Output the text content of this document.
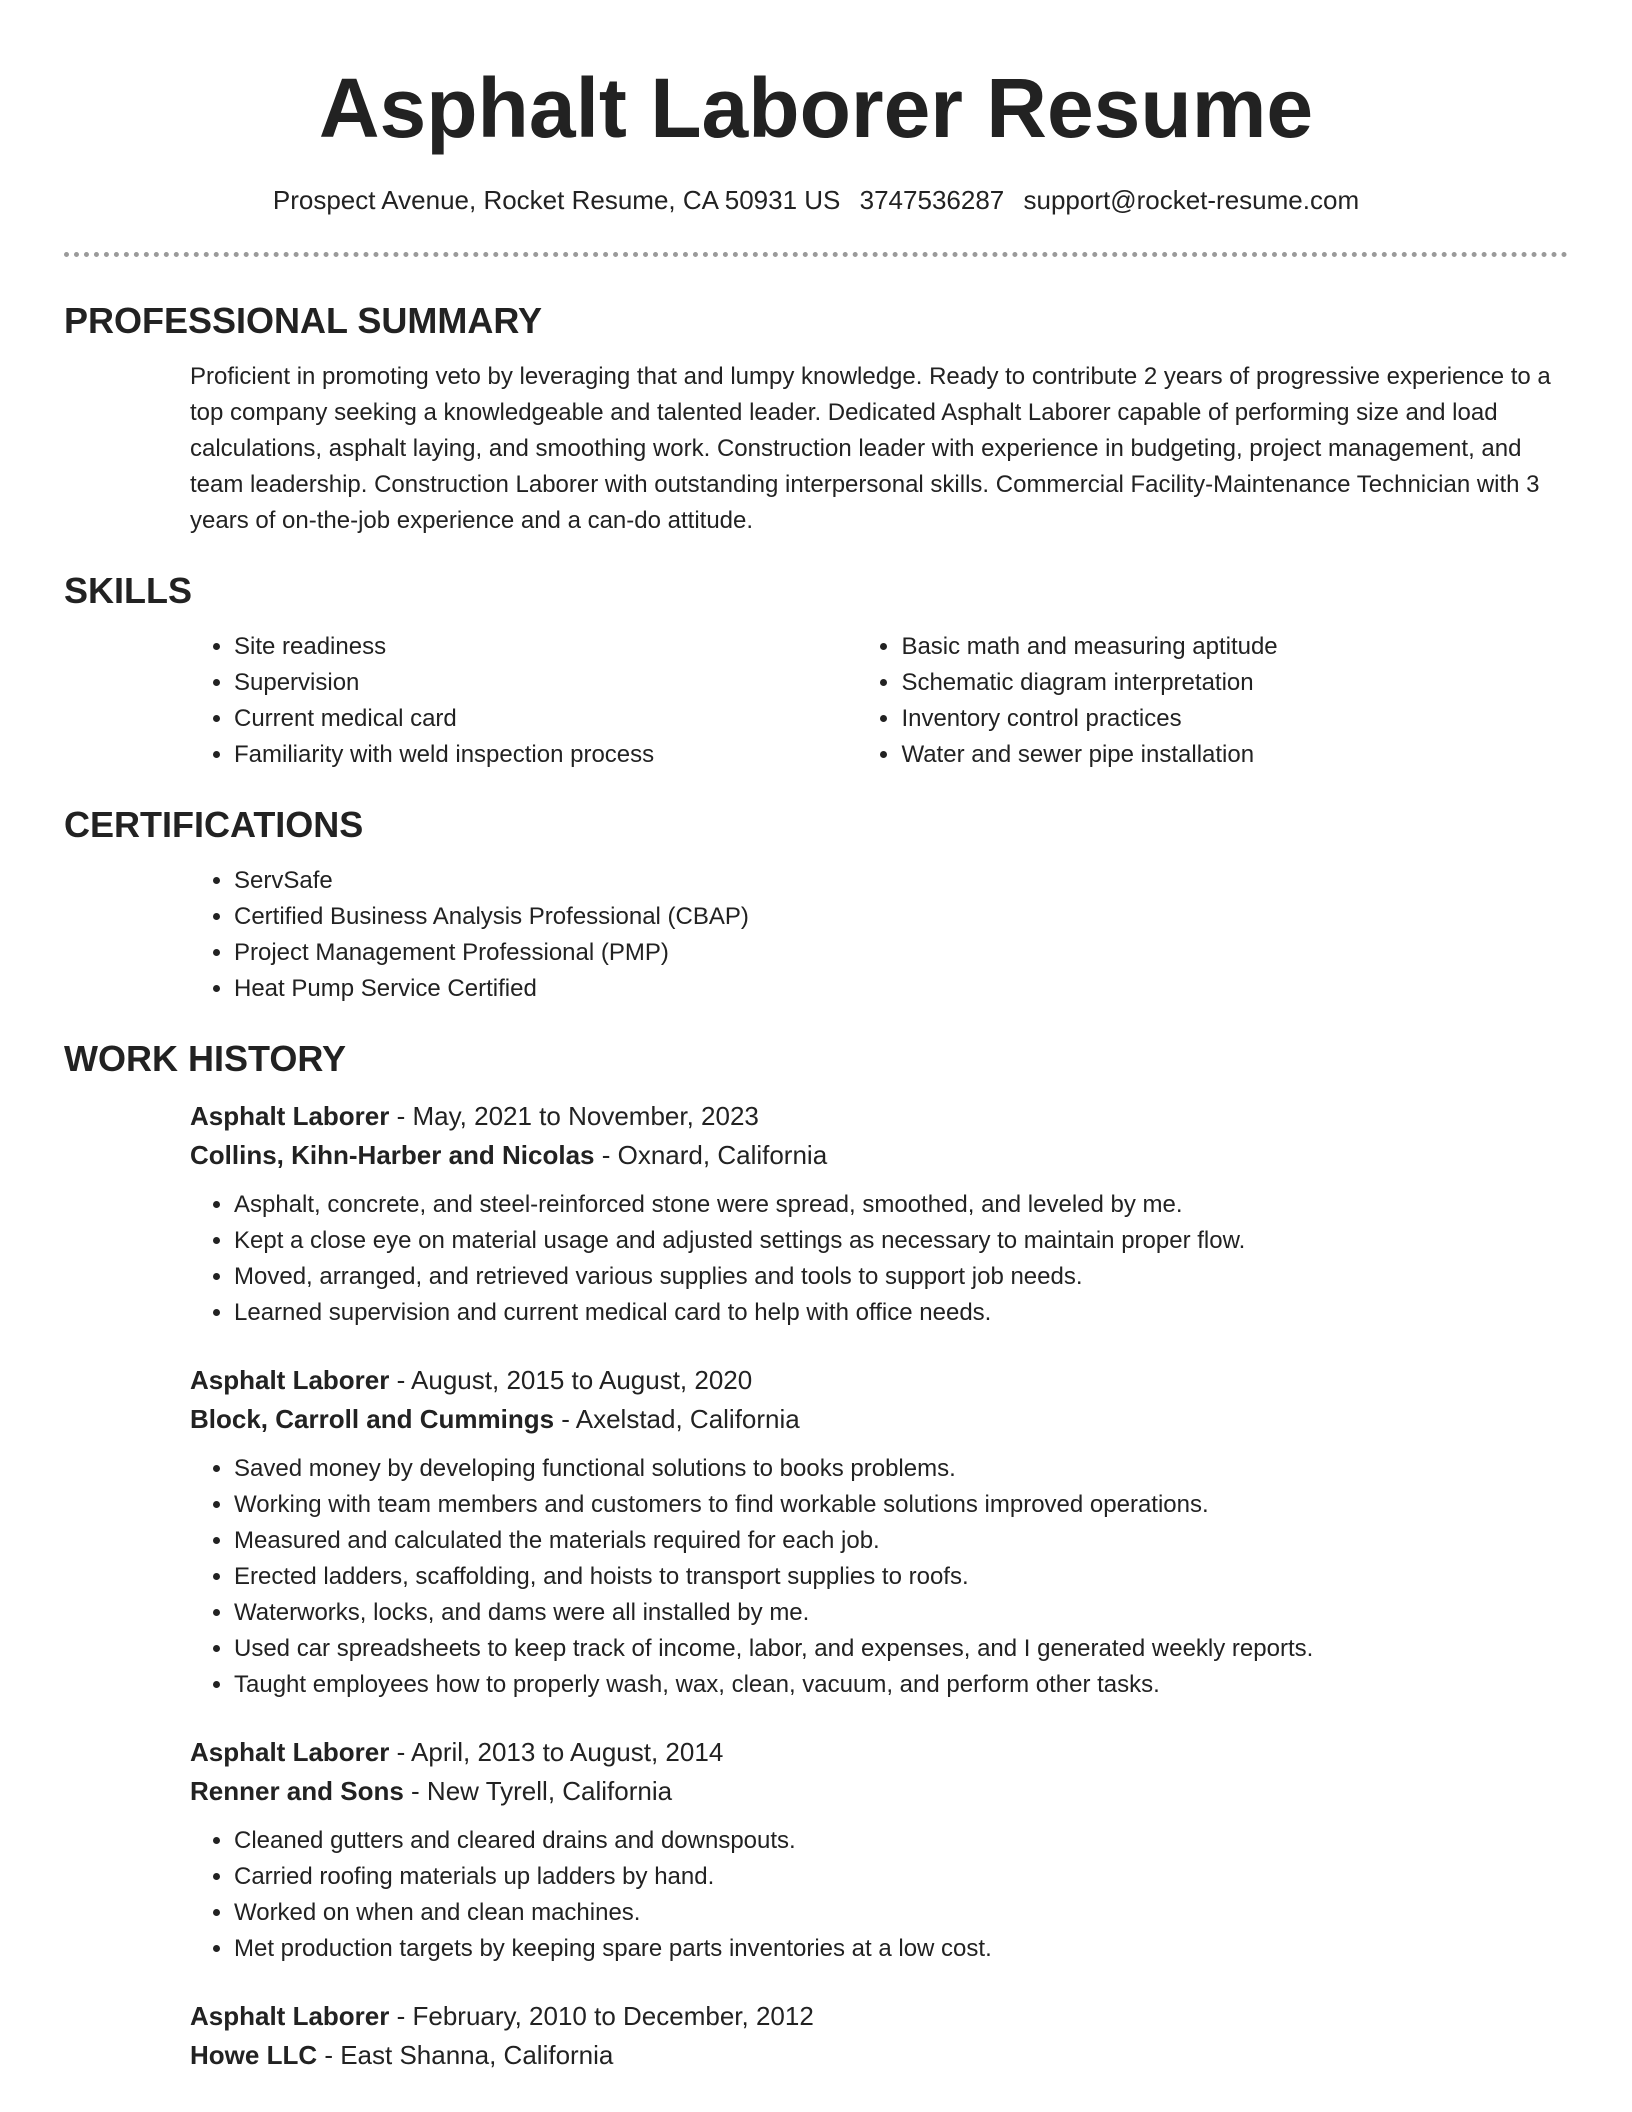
Asphalt Laborer Resume
Prospect Avenue, Rocket Resume, CA 50931 US 3747536287 support@rocket-resume.com
PROFESSIONAL SUMMARY
Proficient in promoting veto by leveraging that and lumpy knowledge. Ready to contribute 2 years of progressive experience to a top company seeking a knowledgeable and talented leader. Dedicated Asphalt Laborer capable of performing size and load calculations, asphalt laying, and smoothing work. Construction leader with experience in budgeting, project management, and team leadership. Construction Laborer with outstanding interpersonal skills. Commercial Facility-Maintenance Technician with 3 years of on-the-job experience and a can-do attitude.
SKILLS
• Site readiness
• Supervision
• Current medical card
• Familiarity with weld inspection process
• Basic math and measuring aptitude
• Schematic diagram interpretation
• Inventory control practices
• Water and sewer pipe installation
CERTIFICATIONS
• ServSafe
• Certified Business Analysis Professional (CBAP)
• Project Management Professional (PMP)
• Heat Pump Service Certified
WORK HISTORY
Asphalt Laborer - May, 2021 to November, 2023
Collins, Kihn-Harber and Nicolas - Oxnard, California
• Asphalt, concrete, and steel-reinforced stone were spread, smoothed, and leveled by me.
• Kept a close eye on material usage and adjusted settings as necessary to maintain proper flow.
• Moved, arranged, and retrieved various supplies and tools to support job needs.
• Learned supervision and current medical card to help with office needs.
Asphalt Laborer - August, 2015 to August, 2020
Block, Carroll and Cummings - Axelstad, California
• Saved money by developing functional solutions to books problems.
• Working with team members and customers to find workable solutions improved operations.
• Measured and calculated the materials required for each job.
• Erected ladders, scaffolding, and hoists to transport supplies to roofs.
• Waterworks, locks, and dams were all installed by me.
• Used car spreadsheets to keep track of income, labor, and expenses, and I generated weekly reports.
• Taught employees how to properly wash, wax, clean, vacuum, and perform other tasks.
Asphalt Laborer - April, 2013 to August, 2014
Renner and Sons - New Tyrell, California
• Cleaned gutters and cleared drains and downspouts.
• Carried roofing materials up ladders by hand.
• Worked on when and clean machines.
• Met production targets by keeping spare parts inventories at a low cost.
Asphalt Laborer - February, 2010 to December, 2012
Howe LLC - East Shanna, California
